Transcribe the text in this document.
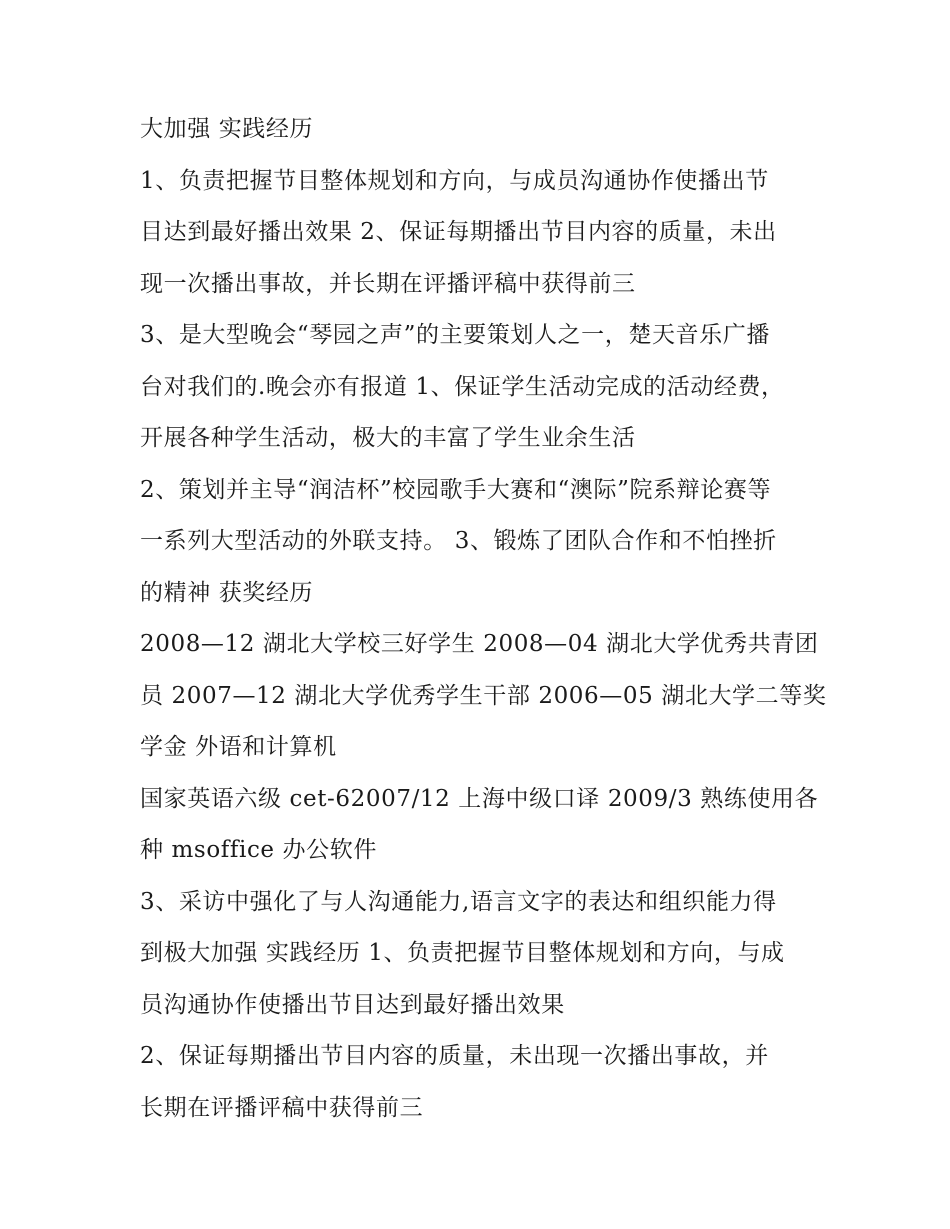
大加强 实践经历
1、负责把握节目整体规划和方向，与成员沟通协作使播出节
目达到最好播出效果 2、保证每期播出节目内容的质量，未出
现一次播出事故，并长期在评播评稿中获得前三
3、是大型晚会“琴园之声”的主要策划人之一，楚天音乐广播
台对我们的.晚会亦有报道 1、保证学生活动完成的活动经费，
开展各种学生活动，极大的丰富了学生业余生活
2、策划并主导“润洁杯”校园歌手大赛和“澳际”院系辩论赛等
一系列大型活动的外联支持。 3、锻炼了团队合作和不怕挫折
的精神 获奖经历
2008—12 湖北大学校三好学生 2008—04 湖北大学优秀共青团
员 2007—12 湖北大学优秀学生干部 2006—05 湖北大学二等奖
学金 外语和计算机
国家英语六级 cet-62007/12 上海中级口译 2009/3 熟练使用各
种 msoffice 办公软件
3、采访中强化了与人沟通能力,语言文字的表达和组织能力得
到极大加强 实践经历 1、负责把握节目整体规划和方向，与成
员沟通协作使播出节目达到最好播出效果
2、保证每期播出节目内容的质量，未出现一次播出事故，并
长期在评播评稿中获得前三
